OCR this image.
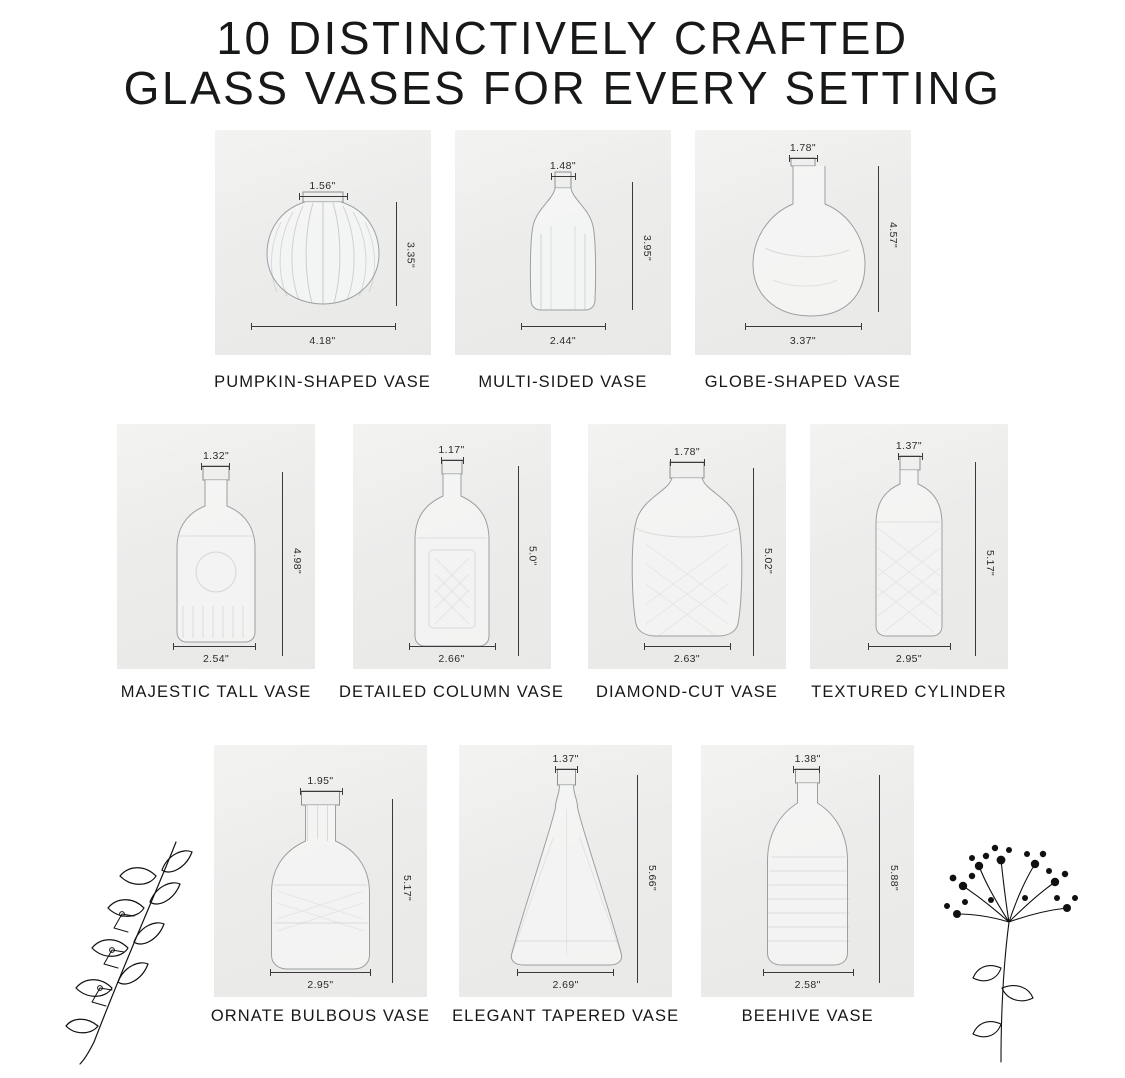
10 DISTINCTIVELY CRAFTED
GLASS VASES FOR EVERY SETTING
1.56"
3.35"
4.18"
PUMPKIN-SHAPED VASE
1.48"
3.95"
2.44"
MULTI-SIDED VASE
1.78"
4.57"
3.37"
GLOBE-SHAPED VASE
1.32"
4.98"
2.54"
MAJESTIC TALL VASE
1.17"
5.0"
2.66"
DETAILED COLUMN VASE
1.78"
5.02"
2.63"
DIAMOND-CUT VASE
1.37"
5.17"
2.95"
TEXTURED CYLINDER
1.95"
5.17"
2.95"
ORNATE BULBOUS VASE
1.37"
5.66"
2.69"
ELEGANT TAPERED VASE
1.38"
5.88"
2.58"
BEEHIVE VASE
